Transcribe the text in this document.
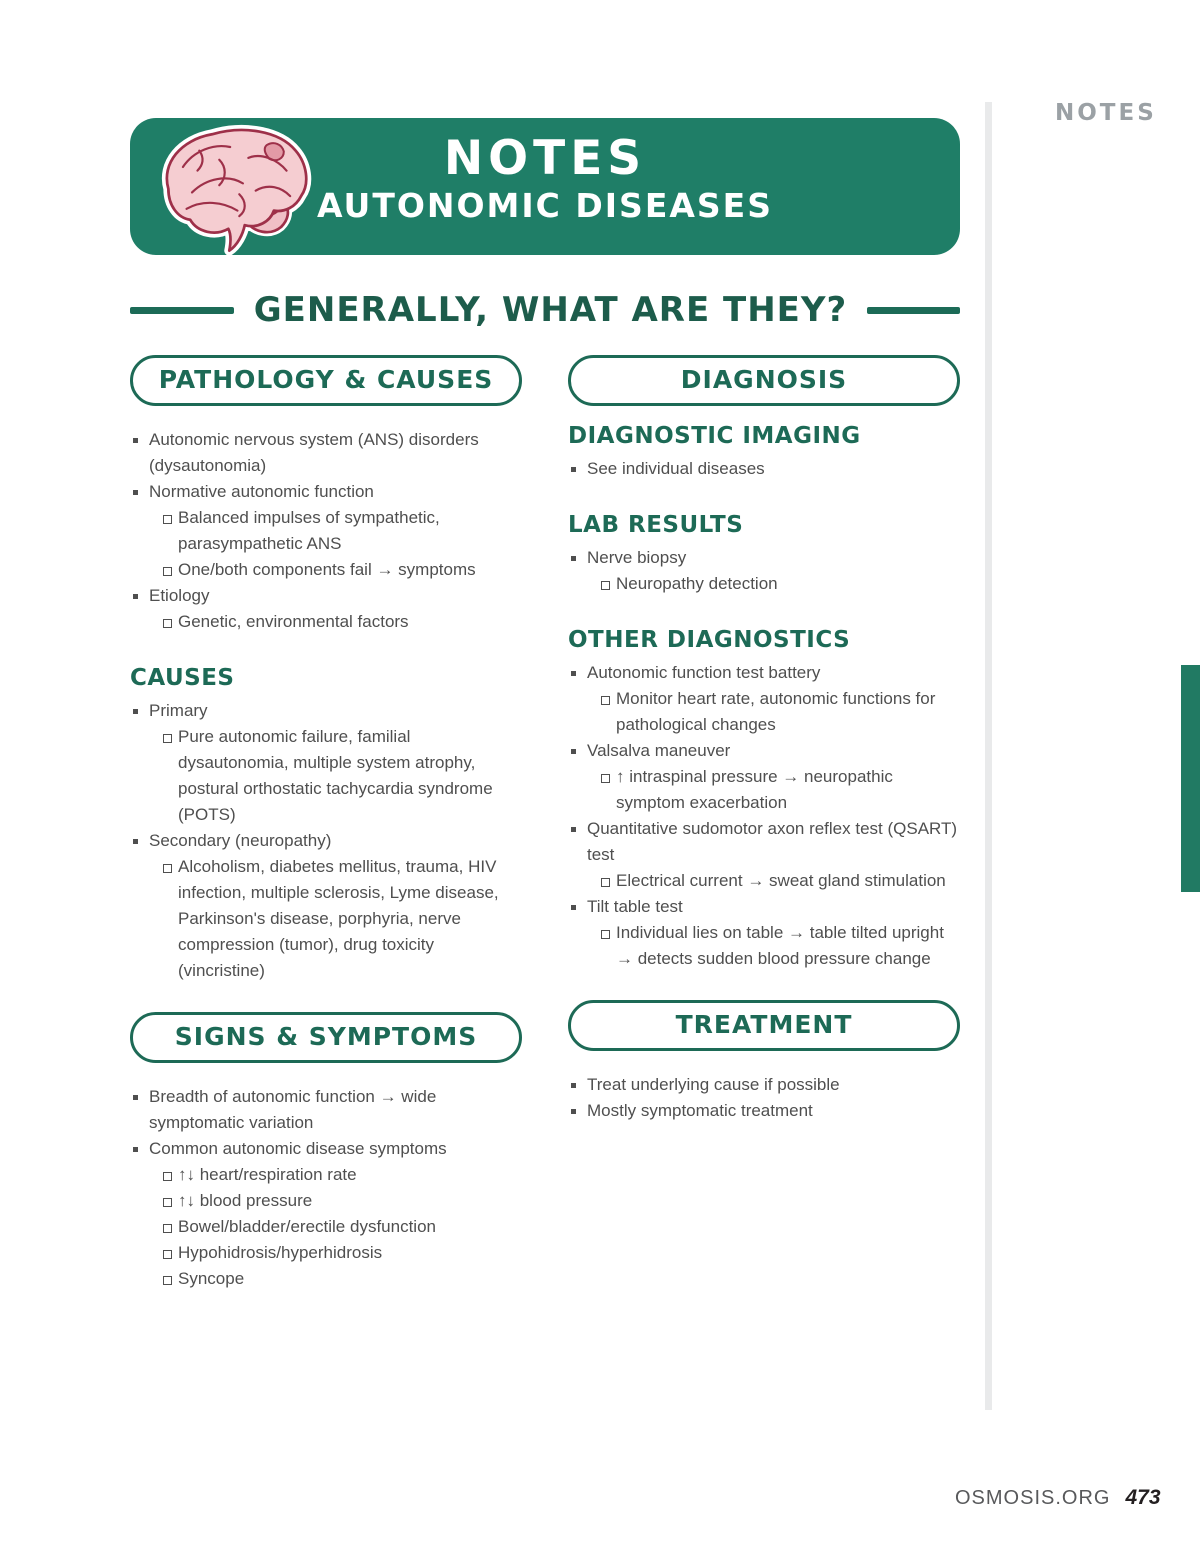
NOTES
NOTES
AUTONOMIC DISEASES
GENERALLY, WHAT ARE THEY?
PATHOLOGY & CAUSES
Autonomic nervous system (ANS) disorders (dysautonomia)
Normative autonomic function
Balanced impulses of sympathetic, parasympathetic ANS
One/both components fail → symptoms
Etiology
Genetic, environmental factors
CAUSES
Primary
Pure autonomic failure, familial dysautonomia, multiple system atrophy, postural orthostatic tachycardia syndrome (POTS)
Secondary (neuropathy)
Alcoholism, diabetes mellitus, trauma, HIV infection, multiple sclerosis, Lyme disease, Parkinson's disease, porphyria, nerve compression (tumor), drug toxicity (vincristine)
SIGNS & SYMPTOMS
Breadth of autonomic function → wide symptomatic variation
Common autonomic disease symptoms
↑↓ heart/respiration rate
↑↓ blood pressure
Bowel/bladder/erectile dysfunction
Hypohidrosis/hyperhidrosis
Syncope
DIAGNOSIS
DIAGNOSTIC IMAGING
See individual diseases
LAB RESULTS
Nerve biopsy
Neuropathy detection
OTHER DIAGNOSTICS
Autonomic function test battery
Monitor heart rate, autonomic functions for pathological changes
Valsalva maneuver
↑ intraspinal pressure → neuropathic symptom exacerbation
Quantitative sudomotor axon reflex test (QSART) test
Electrical current → sweat gland stimulation
Tilt table test
Individual lies on table → table tilted upright → detects sudden blood pressure change
TREATMENT
Treat underlying cause if possible
Mostly symptomatic treatment
OSMOSIS.ORG 473
